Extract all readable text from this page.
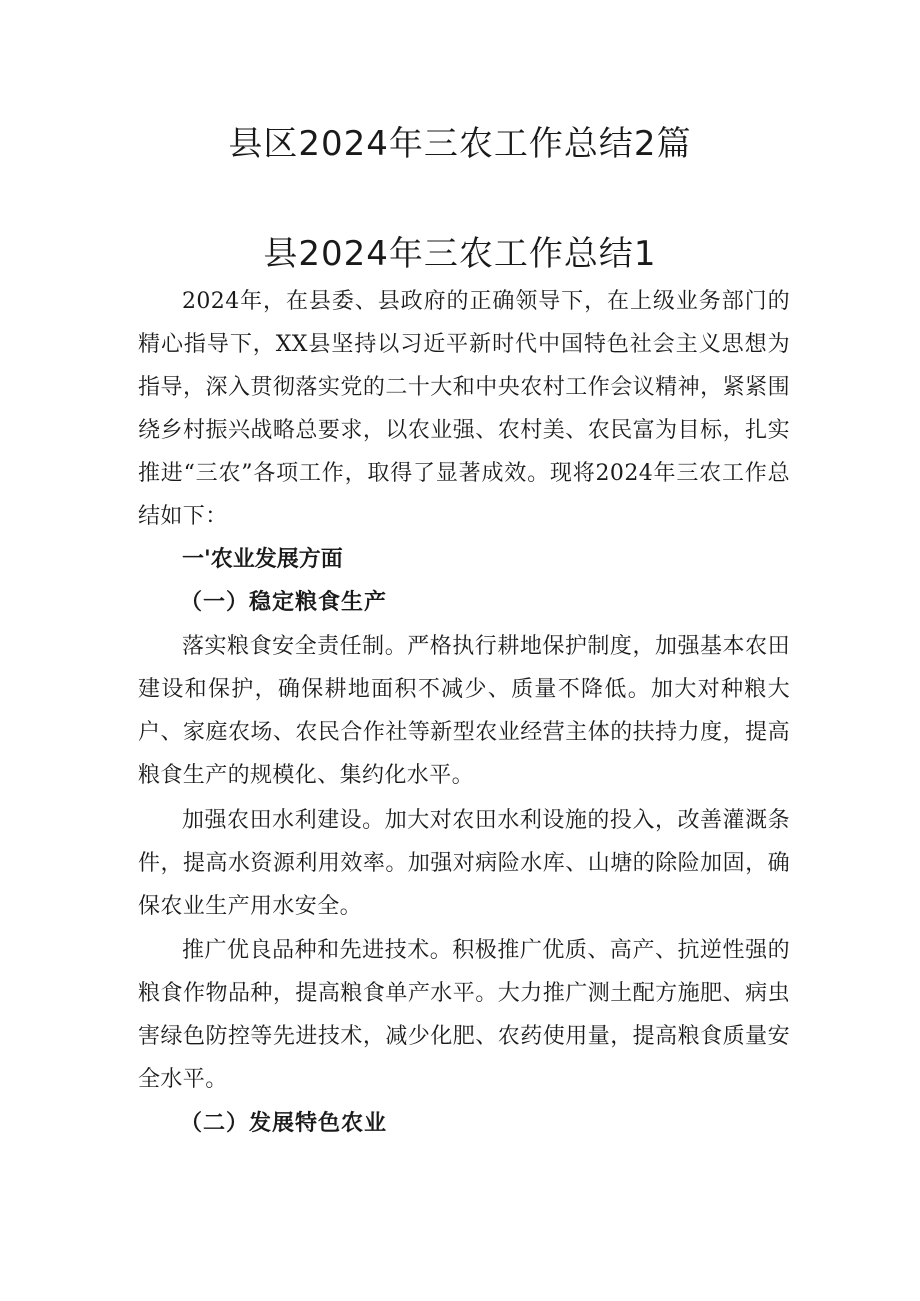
县区2024年三农工作总结2篇
县2024年三农工作总结1

2024年，在县委、县政府的正确领导下，在上级业务部门的精心指导下，XX县坚持以习近平新时代中国特色社会主义思想为指导，深入贯彻落实党的二十大和中央农村工作会议精神，紧紧围绕乡村振兴战略总要求，以农业强、农村美、农民富为目标，扎实推进“三农”各项工作，取得了显著成效。现将2024年三农工作总结如下：

一'农业发展方面
（一）稳定粮食生产

落实粮食安全责任制。严格执行耕地保护制度，加强基本农田建设和保护，确保耕地面积不减少、质量不降低。加大对种粮大户、家庭农场、农民合作社等新型农业经营主体的扶持力度，提高粮食生产的规模化、集约化水平。

加强农田水利建设。加大对农田水利设施的投入，改善灌溉条件，提高水资源利用效率。加强对病险水库、山塘的除险加固，确保农业生产用水安全。

推广优良品种和先进技术。积极推广优质、高产、抗逆性强的粮食作物品种，提高粮食单产水平。大力推广测土配方施肥、病虫害绿色防控等先进技术，减少化肥、农药使用量，提高粮食质量安全水平。

（二）发展特色农业
